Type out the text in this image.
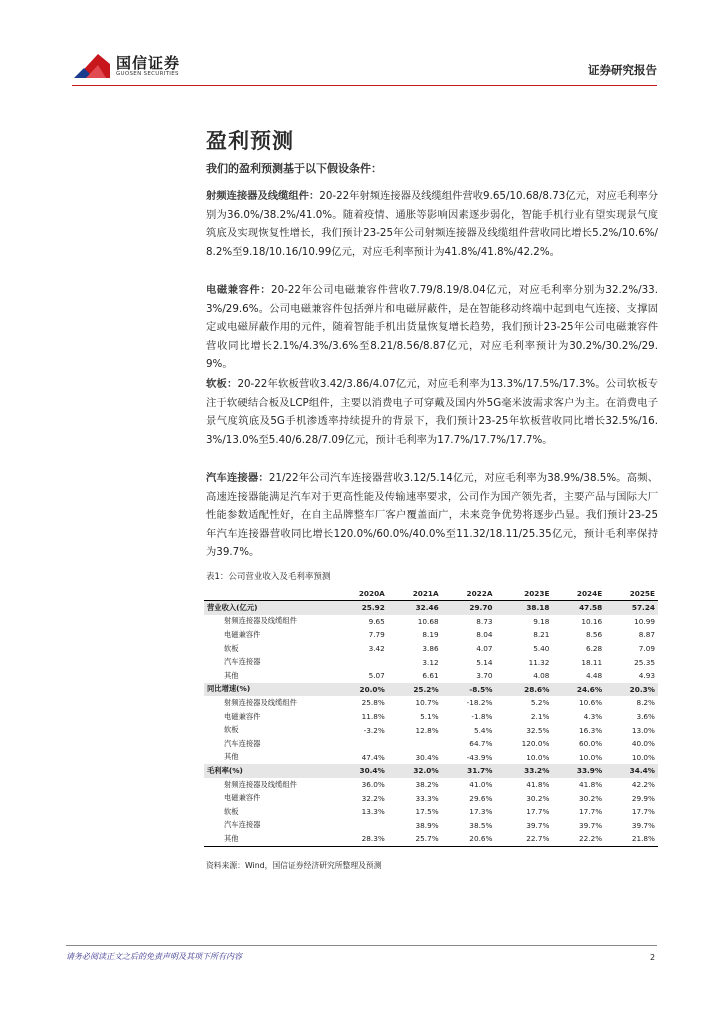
国信证券
GUOSEN SECURITIES	证券研究报告
盈利预测
我们的盈利预测基于以下假设条件：
射频连接器及线缆组件：20-22年射频连接器及线缆组件营收9.65/10.68/8.73亿元，对应毛利率分别为36.0%/38.2%/41.0%。随着疫情、通胀等影响因素逐步弱化，智能手机行业有望实现景气度筑底及实现恢复性增长，我们预计23-25年公司射频连接器及线缆组件营收同比增长5.2%/10.6%/8.2%至9.18/10.16/10.99亿元，对应毛利率预计为41.8%/41.8%/42.2%。
电磁兼容件：20-22年公司电磁兼容件营收7.79/8.19/8.04亿元，对应毛利率分别为32.2%/33.3%/29.6%。公司电磁兼容件包括弹片和电磁屏蔽件，是在智能移动终端中起到电气连接、支撑固定或电磁屏蔽作用的元件，随着智能手机出货量恢复增长趋势，我们预计23-25年公司电磁兼容件营收同比增长2.1%/4.3%/3.6%至8.21/8.56/8.87亿元，对应毛利率预计为30.2%/30.2%/29.9%。
软板：20-22年软板营收3.42/3.86/4.07亿元，对应毛利率为13.3%/17.5%/17.3%。公司软板专注于软硬结合板及LCP组件，主要以消费电子可穿戴及国内外5G毫米波需求客户为主。在消费电子景气度筑底及5G手机渗透率持续提升的背景下，我们预计23-25年软板营收同比增长32.5%/16.3%/13.0%至5.40/6.28/7.09亿元，预计毛利率为17.7%/17.7%/17.7%。
汽车连接器：21/22年公司汽车连接器营收3.12/5.14亿元，对应毛利率为38.9%/38.5%。高频、高速连接器能满足汽车对于更高性能及传输速率要求，公司作为国产领先者，主要产品与国际大厂性能参数适配性好，在自主品牌整车厂客户覆盖面广，未来竞争优势将逐步凸显。我们预计23-25年汽车连接器营收同比增长120.0%/60.0%/40.0%至11.32/18.11/25.35亿元，预计毛利率保持为39.7%。
表1：公司营业收入及毛利率预测
	2020A	2021A	2022A	2023E	2024E	2025E
营业收入(亿元)	25.92	32.46	29.70	38.18	47.58	57.24
射频连接器及线缆组件	9.65	10.68	8.73	9.18	10.16	10.99
电磁兼容件	7.79	8.19	8.04	8.21	8.56	8.87
软板	3.42	3.86	4.07	5.40	6.28	7.09
汽车连接器		3.12	5.14	11.32	18.11	25.35
其他	5.07	6.61	3.70	4.08	4.48	4.93
同比增速(%)	20.0%	25.2%	-8.5%	28.6%	24.6%	20.3%
射频连接器及线缆组件	25.8%	10.7%	-18.2%	5.2%	10.6%	8.2%
电磁兼容件	11.8%	5.1%	-1.8%	2.1%	4.3%	3.6%
软板	-3.2%	12.8%	5.4%	32.5%	16.3%	13.0%
汽车连接器			64.7%	120.0%	60.0%	40.0%
其他	47.4%	30.4%	-43.9%	10.0%	10.0%	10.0%
毛利率(%)	30.4%	32.0%	31.7%	33.2%	33.9%	34.4%
射频连接器及线缆组件	36.0%	38.2%	41.0%	41.8%	41.8%	42.2%
电磁兼容件	32.2%	33.3%	29.6%	30.2%	30.2%	29.9%
软板	13.3%	17.5%	17.3%	17.7%	17.7%	17.7%
汽车连接器		38.9%	38.5%	39.7%	39.7%	39.7%
其他	28.3%	25.7%	20.6%	22.7%	22.2%	21.8%
资料来源：Wind，国信证券经济研究所整理及预测
请务必阅读正文之后的免责声明及其项下所有内容	2
